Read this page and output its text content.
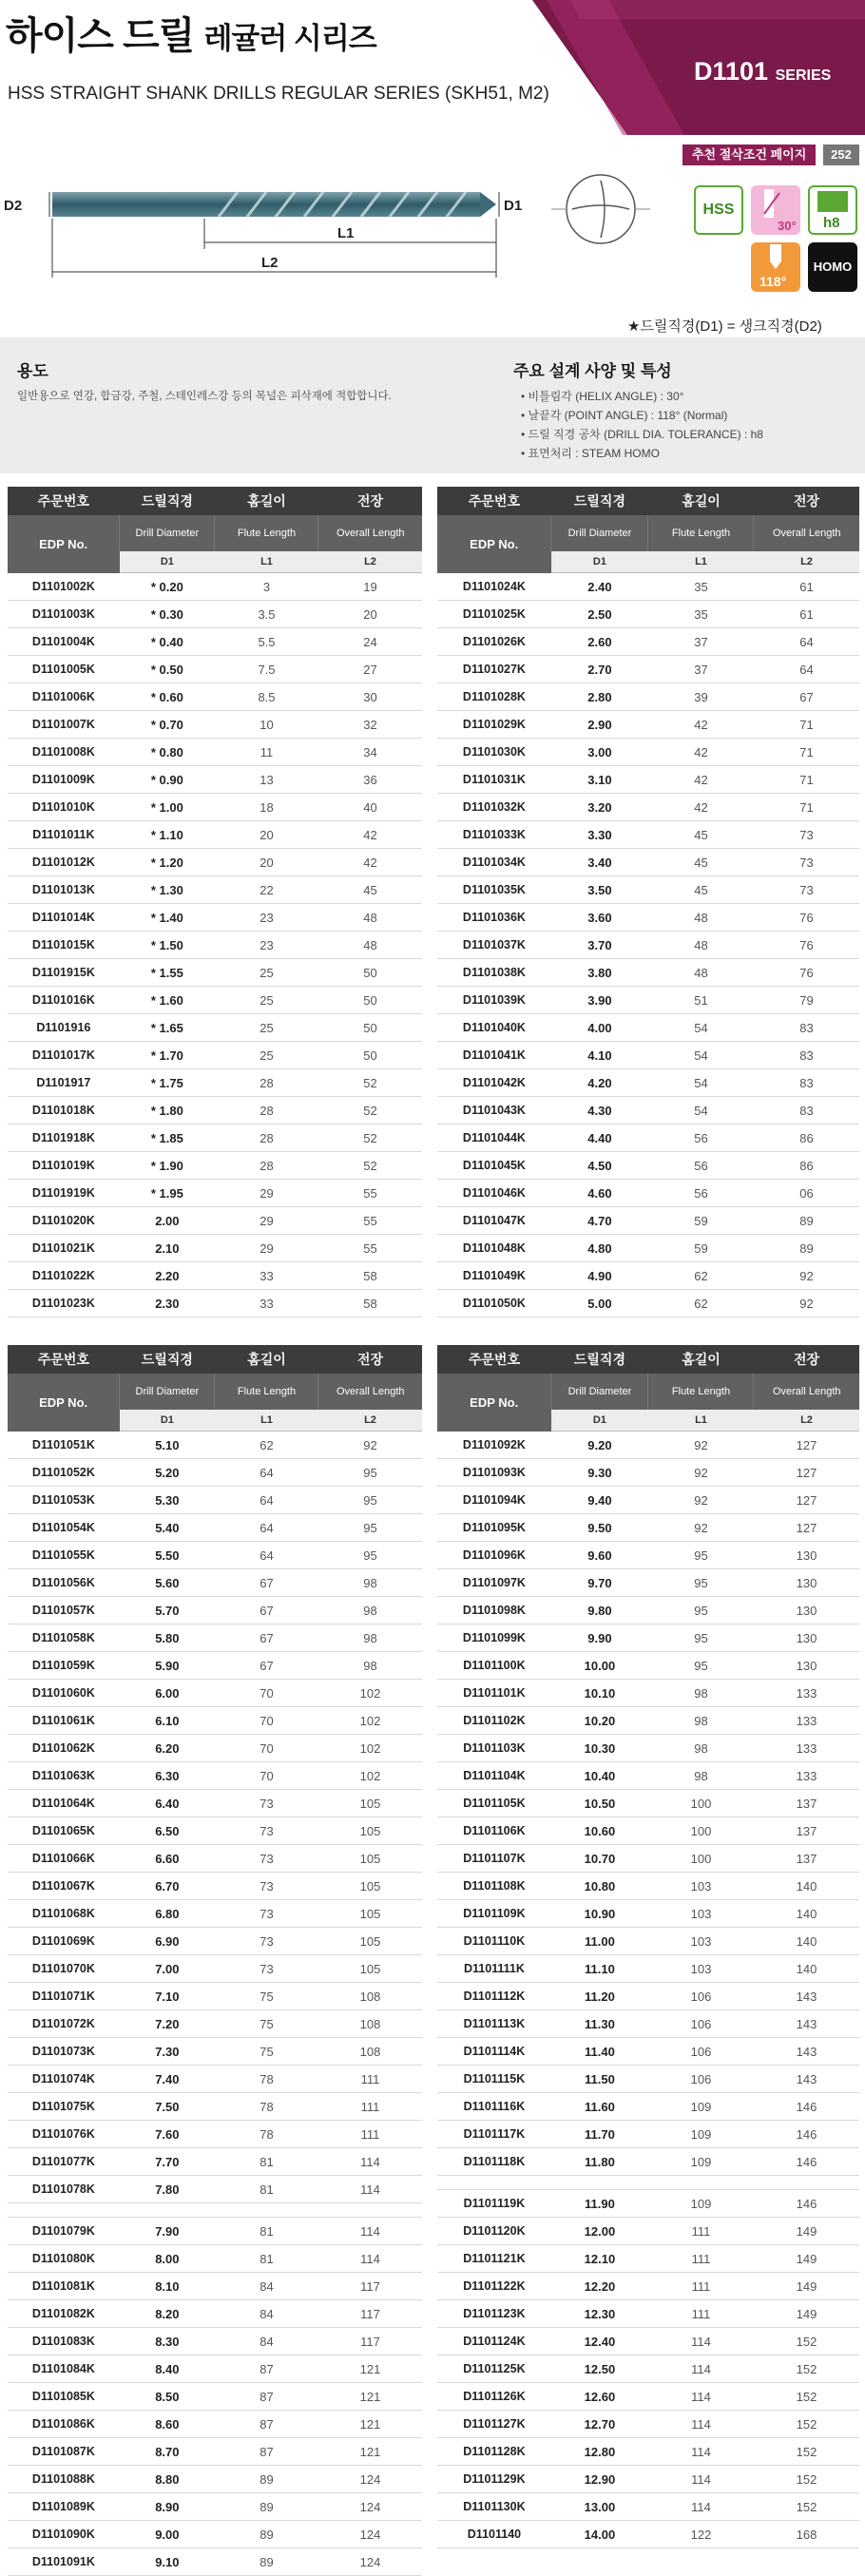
하이스 드릴 레귤러 시리즈
HSS STRAIGHT SHANK DRILLS REGULAR SERIES (SKH51, M2)
D1101 SERIES
D2	D1
L1
L2
추천 절삭조건 페이지	252
HSS
30° h8
118°
HOMO
★드릴직경(D1) = 생크직경(D2)
용도
일반용으로 연강, 합금강, 주철, 스테인레스강 등의 목널은 피삭재에 적합합니다.
주요 설계 사양 및 특성
• 비틀림각 (HELIX ANGLE) : 30°
• 날끝각 (POINT ANGLE) : 118° (Normal)
• 드릴 직경 공차 (DRILL DIA. TOLERANCE) : h8
• 표면처리 : STEAM HOMO
주문번호	드릴직경	홈길이	전장
EDP No.	Drill Diameter	Flute Length	Overall Length
	D1	L1	L2
D1101002K	* 0.20	3	19
D1101003K	* 0.30	3.5	20
D1101004K	* 0.40	5.5	24
D1101005K	* 0.50	7.5	27
D1101006K	* 0.60	8.5	30
D1101007K	* 0.70	10	32
D1101008K	* 0.80	11	34
D1101009K	* 0.90	13	36
D1101010K	* 1.00	18	40
D1101011K	* 1.10	20	42
D1101012K	* 1.20	20	42
D1101013K	* 1.30	22	45
D1101014K	* 1.40	23	48
D1101015K	* 1.50	23	48
D1101915K	* 1.55	25	50
D1101016K	* 1.60	25	50
D1101916	* 1.65	25	50
D1101017K	* 1.70	25	50
D1101917	* 1.75	28	52
D1101018K	* 1.80	28	52
D1101918K	* 1.85	28	52
D1101019K	* 1.90	28	52
D1101919K	* 1.95	29	55
D1101020K	2.00	29	55
D1101021K	2.10	29	55
D1101022K	2.20	33	58
D1101023K	2.30	33	58
주문번호	드릴직경	홈길이	전장
EDP No.	Drill Diameter	Flute Length	Overall Length
	D1	L1	L2
D1101024K	2.40	35	61
D1101025K	2.50	35	61
D1101026K	2.60	37	64
D1101027K	2.70	37	64
D1101028K	2.80	39	67
D1101029K	2.90	42	71
D1101030K	3.00	42	71
D1101031K	3.10	42	71
D1101032K	3.20	42	71
D1101033K	3.30	45	73
D1101034K	3.40	45	73
D1101035K	3.50	45	73
D1101036K	3.60	48	76
D1101037K	3.70	48	76
D1101038K	3.80	48	76
D1101039K	3.90	51	79
D1101040K	4.00	54	83
D1101041K	4.10	54	83
D1101042K	4.20	54	83
D1101043K	4.30	54	83
D1101044K	4.40	56	86
D1101045K	4.50	56	86
D1101046K	4.60	56	06
D1101047K	4.70	59	89
D1101048K	4.80	59	89
D1101049K	4.90	62	92
D1101050K	5.00	62	92
주문번호	드릴직경	홈길이	전장
EDP No.	Drill Diameter	Flute Length	Overall Length
	D1	L1	L2
D1101051K	5.10	62	92
D1101052K	5.20	64	95
D1101053K	5.30	64	95
D1101054K	5.40	64	95
D1101055K	5.50	64	95
D1101056K	5.60	67	98
D1101057K	5.70	67	98
D1101058K	5.80	67	98
D1101059K	5.90	67	98
D1101060K	6.00	70	102
D1101061K	6.10	70	102
D1101062K	6.20	70	102
D1101063K	6.30	70	102
D1101064K	6.40	73	105
D1101065K	6.50	73	105
D1101066K	6.60	73	105
D1101067K	6.70	73	105
D1101068K	6.80	73	105
D1101069K	6.90	73	105
D1101070K	7.00	73	105
D1101071K	7.10	75	108
D1101072K	7.20	75	108
D1101073K	7.30	75	108
D1101074K	7.40	78	111
D1101075K	7.50	78	111
D1101076K	7.60	78	111
D1101077K	7.70	81	114
D1101078K	7.80	81	114

D1101079K	7.90	81	114
D1101080K	8.00	81	114
D1101081K	8.10	84	117
D1101082K	8.20	84	117
D1101083K	8.30	84	117
D1101084K	8.40	87	121
D1101085K	8.50	87	121
D1101086K	8.60	87	121
D1101087K	8.70	87	121
D1101088K	8.80	89	124
D1101089K	8.90	89	124
D1101090K	9.00	89	124
D1101091K	9.10	89	124
주문번호	드릴직경	홈길이	전장
EDP No.	Drill Diameter	Flute Length	Overall Length
	D1	L1	L2
D1101092K	9.20	92	127
D1101093K	9.30	92	127
D1101094K	9.40	92	127
D1101095K	9.50	92	127
D1101096K	9.60	95	130
D1101097K	9.70	95	130
D1101098K	9.80	95	130
D1101099K	9.90	95	130
D1101100K	10.00	95	130
D1101101K	10.10	98	133
D1101102K	10.20	98	133
D1101103K	10.30	98	133
D1101104K	10.40	98	133
D1101105K	10.50	100	137
D1101106K	10.60	100	137
D1101107K	10.70	100	137
D1101108K	10.80	103	140
D1101109K	10.90	103	140
D1101110K	11.00	103	140
D1101111K	11.10	103	140
D1101112K	11.20	106	143
D1101113K	11.30	106	143
D1101114K	11.40	106	143
D1101115K	11.50	106	143
D1101116K	11.60	109	146
D1101117K	11.70	109	146
D1101118K	11.80	109	146

D1101119K	11.90	109	146
D1101120K	12.00	111	149
D1101121K	12.10	111	149
D1101122K	12.20	111	149
D1101123K	12.30	111	149
D1101124K	12.40	114	152
D1101125K	12.50	114	152
D1101126K	12.60	114	152
D1101127K	12.70	114	152
D1101128K	12.80	114	152
D1101129K	12.90	114	152
D1101130K	13.00	114	152
D1101140	14.00	122	168
